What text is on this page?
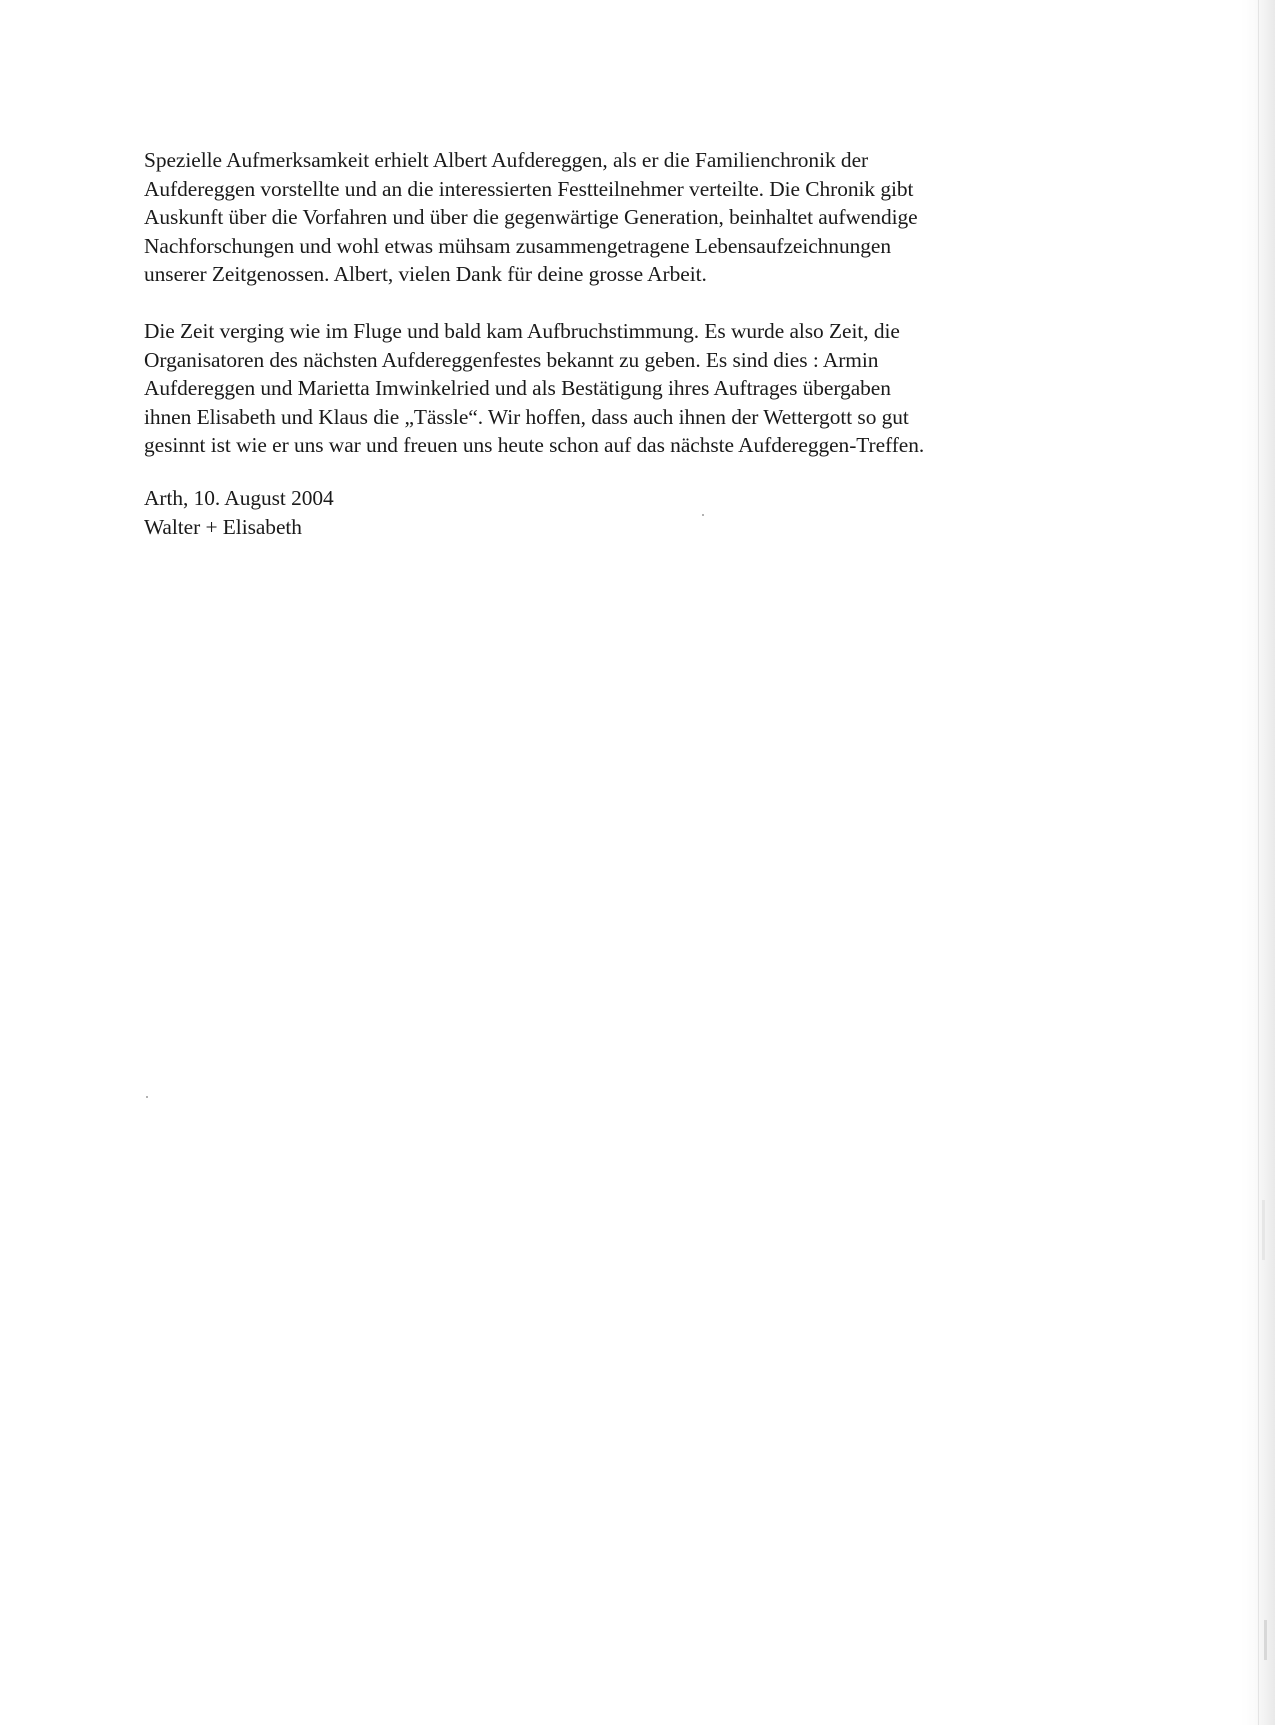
Spezielle Aufmerksamkeit erhielt Albert Aufdereggen, als er die Familienchronik der
Aufdereggen vorstellte und an die interessierten Festteilnehmer verteilte. Die Chronik gibt
Auskunft über die Vorfahren und über die gegenwärtige Generation, beinhaltet aufwendige
Nachforschungen und wohl etwas mühsam zusammengetragene Lebensaufzeichnungen
unserer Zeitgenossen. Albert, vielen Dank für deine grosse Arbeit.
Die Zeit verging wie im Fluge und bald kam Aufbruchstimmung. Es wurde also Zeit, die
Organisatoren des nächsten Aufdereggenfestes bekannt zu geben. Es sind dies : Armin
Aufdereggen und Marietta Imwinkelried und als Bestätigung ihres Auftrages übergaben
ihnen Elisabeth und Klaus die „Tässle“. Wir hoffen, dass auch ihnen der Wettergott so gut
gesinnt ist wie er uns war und freuen uns heute schon auf das nächste Aufdereggen-Treffen.
Arth, 10. August 2004
Walter + Elisabeth
